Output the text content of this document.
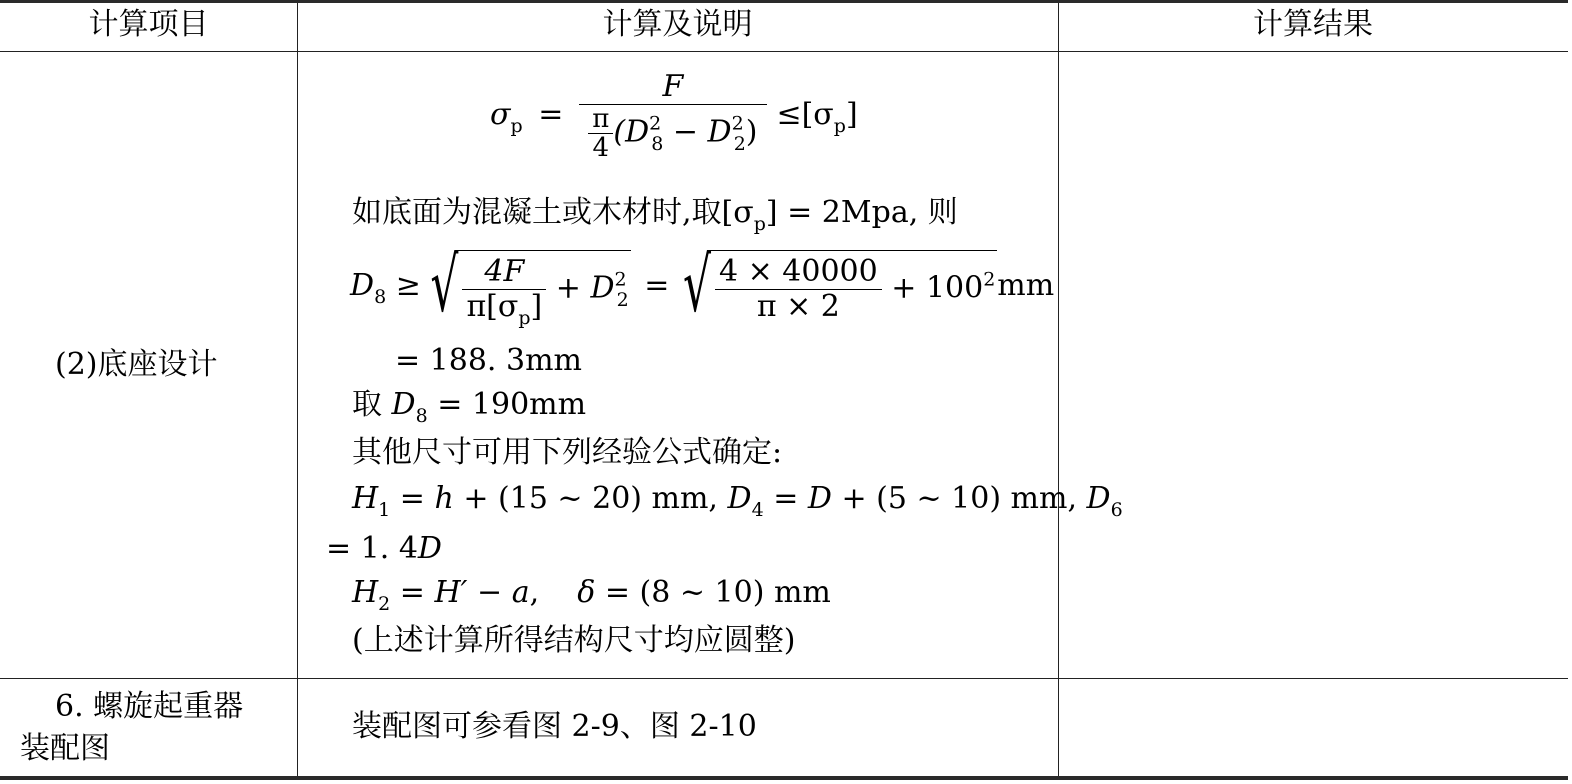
计算项目	计算及说明	计算结果
(2)底座设计
$\sigma_p = \frac{F}{\frac{\pi}{4} (D^2_8 - D^2_2)} \le[\sigma_p]$
如底面为混凝土或木材时,取$[\sigma_p] = 2Mpa$, 则
$D_8$ ≥ √ $\frac{4F}{\pi[\sigma_p]} + D^2_2$ = √ $\frac{4 \times 40000}{\pi \times 2} + 100^2mm$
= 188. 3mm
取 $D_8 = 190mm$
其他尺寸可用下列经验公式确定:
$H_1 = h + (15$ ~ 20) mm, $D_4 = D + (5$ ~ 10) mm, $D_6$
= 1. 4D
$H_2 = H' - a$,    δ = (8 ~ 10) mm
(上述计算所得结构尺寸均应圆整)
6. 螺旋起重器
装配图
装配图可参看图 2-9、图 2-10
